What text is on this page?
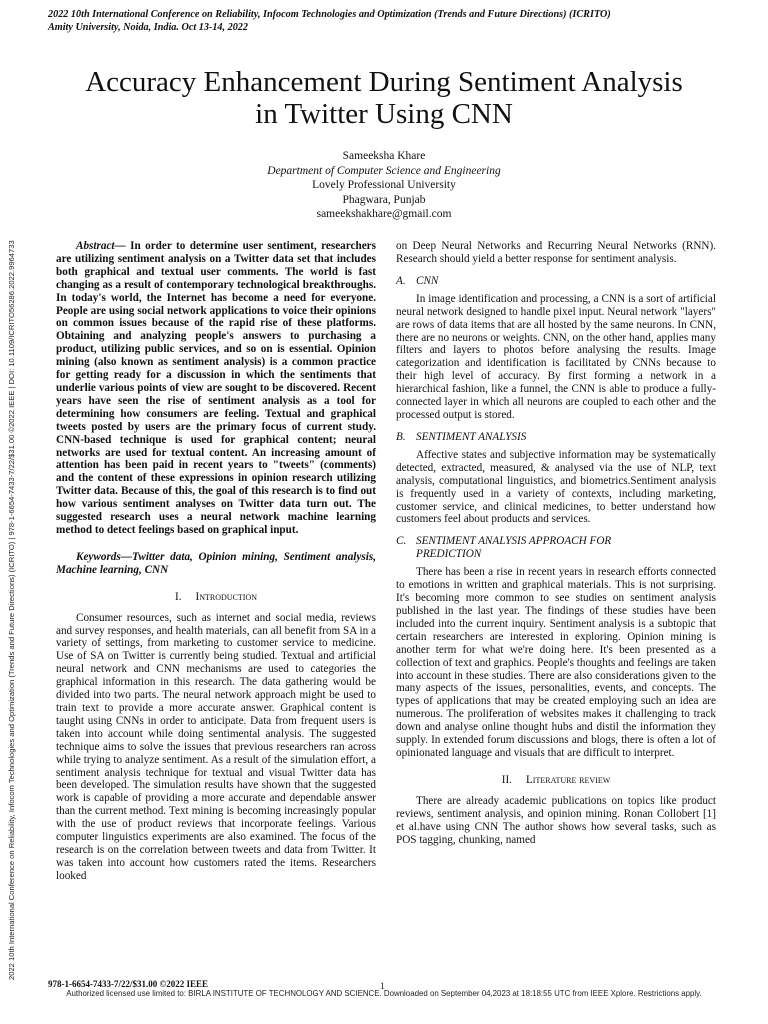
2022 10th International Conference on Reliability, Infocom Technologies and Optimization (Trends and Future Directions) (ICRITO)
Amity University, Noida, India. Oct 13-14, 2022
2022 10th International Conference on Reliability, Infocom Technologies and Optimization (Trends and Future Directions) (ICRITO) | 978-1-6654-7433-7/22/$31.00 ©2022 IEEE | DOI: 10.1109/ICRITO56286.2022.9964733
Accuracy Enhancement During Sentiment Analysis
in Twitter Using CNN
Sameeksha Khare
Department of Computer Science and Engineering
Lovely Professional University
Phagwara, Punjab
sameekshakhare@gmail.com

Abstract— In order to determine user sentiment, researchers are utilizing sentiment analysis on a Twitter data set that includes both graphical and textual user comments. The world is fast changing as a result of contemporary technological breakthroughs. In today's world, the Internet has become a need for everyone. People are using social network applications to voice their opinions on common issues because of the rapid rise of these platforms. Obtaining and analyzing people's answers to purchasing a product, utilizing public services, and so on is essential. Opinion mining (also known as sentiment analysis) is a common practice for getting ready for a discussion in which the sentiments that underlie various points of view are sought to be discovered. Recent years have seen the rise of sentiment analysis as a tool for determining how consumers are feeling. Textual and graphical tweets posted by users are the primary focus of current study. CNN-based technique is used for graphical content; neural networks are used for textual content. An increasing amount of attention has been paid in recent years to "tweets" (comments) and the content of these expressions in opinion research utilizing Twitter data. Because of this, the goal of this research is to find out how various sentiment analyses on Twitter data turn out. The suggested research uses a neural network machine learning method to detect feelings based on graphical input.

Keywords—Twitter data, Opinion mining, Sentiment analysis, Machine learning, CNN

I. Introduction

Consumer resources, such as internet and social media, reviews and survey responses, and health materials, can all benefit from SA in a variety of settings, from marketing to customer service to medicine. Use of SA on Twitter is currently being studied. Textual and artificial neural network and CNN mechanisms are used to categories the graphical information in this research. The data gathering would be divided into two parts. The neural network approach might be used to train text to provide a more accurate answer. Graphical content is taught using CNNs in order to anticipate. Data from frequent users is taken into account while doing sentimental analysis. The suggested technique aims to solve the issues that previous researchers ran across while trying to analyze sentiment. As a result of the simulation effort, a sentiment analysis technique for textual and visual Twitter data has been developed. The simulation results have shown that the suggested work is capable of providing a more accurate and dependable answer than the current method. Text mining is becoming increasingly popular with the use of product reviews that incorporate feelings. Various computer linguistics experiments are also examined. The focus of the research is on the correlation between tweets and data from Twitter. It was taken into account how customers rated the items. Researchers looked

on Deep Neural Networks and Recurring Neural Networks (RNN). Research should yield a better response for sentiment analysis.

A. CNN

In image identification and processing, a CNN is a sort of artificial neural network designed to handle pixel input. Neural network "layers" are rows of data items that are all hosted by the same neurons. In CNN, there are no neurons or weights. CNN, on the other hand, applies many filters and layers to photos before analysing the results. Image categorization and identification is facilitated by CNNs because to their high level of accuracy. By first forming a network in a hierarchical fashion, like a funnel, the CNN is able to produce a fully-connected layer in which all neurons are coupled to each other and the processed output is stored.

B. SENTIMENT ANALYSIS

Affective states and subjective information may be systematically detected, extracted, measured, & analysed via the use of NLP, text analysis, computational linguistics, and biometrics.Sentiment analysis is frequently used in a variety of contexts, including marketing, customer service, and clinical medicines, to better understand how customers feel about products and services.

C. SENTIMENT ANALYSIS APPROACH FOR
PREDICTION

There has been a rise in recent years in research efforts connected to emotions in written and graphical materials. This is not surprising. It's becoming more common to see studies on sentiment analysis published in the last year. The findings of these studies have been included into the current inquiry. Sentiment analysis is a subtopic that certain researchers are interested in exploring. Opinion mining is another term for what we're doing here. It's been presented as a collection of text and graphics. People's thoughts and feelings are taken into account in these studies. There are also considerations given to the many aspects of the issues, personalities, events, and concepts. The types of applications that may be created employing such an idea are numerous. The proliferation of websites makes it challenging to track down and analyse online thought hubs and distil the information they supply. In extended forum discussions and blogs, there is often a lot of opinionated language and visuals that are difficult to interpret.

II. Literature review

There are already academic publications on topics like product reviews, sentiment analysis, and opinion mining. Ronan Collobert [1] et al.have using CNN The author shows how several tasks, such as POS tagging, chunking, named

978-1-6654-7433-7/22/$31.00 ©2022 IEEE	1
Authorized licensed use limited to: BIRLA INSTITUTE OF TECHNOLOGY AND SCIENCE. Downloaded on September 04,2023 at 18:18:55 UTC from IEEE Xplore. Restrictions apply.
